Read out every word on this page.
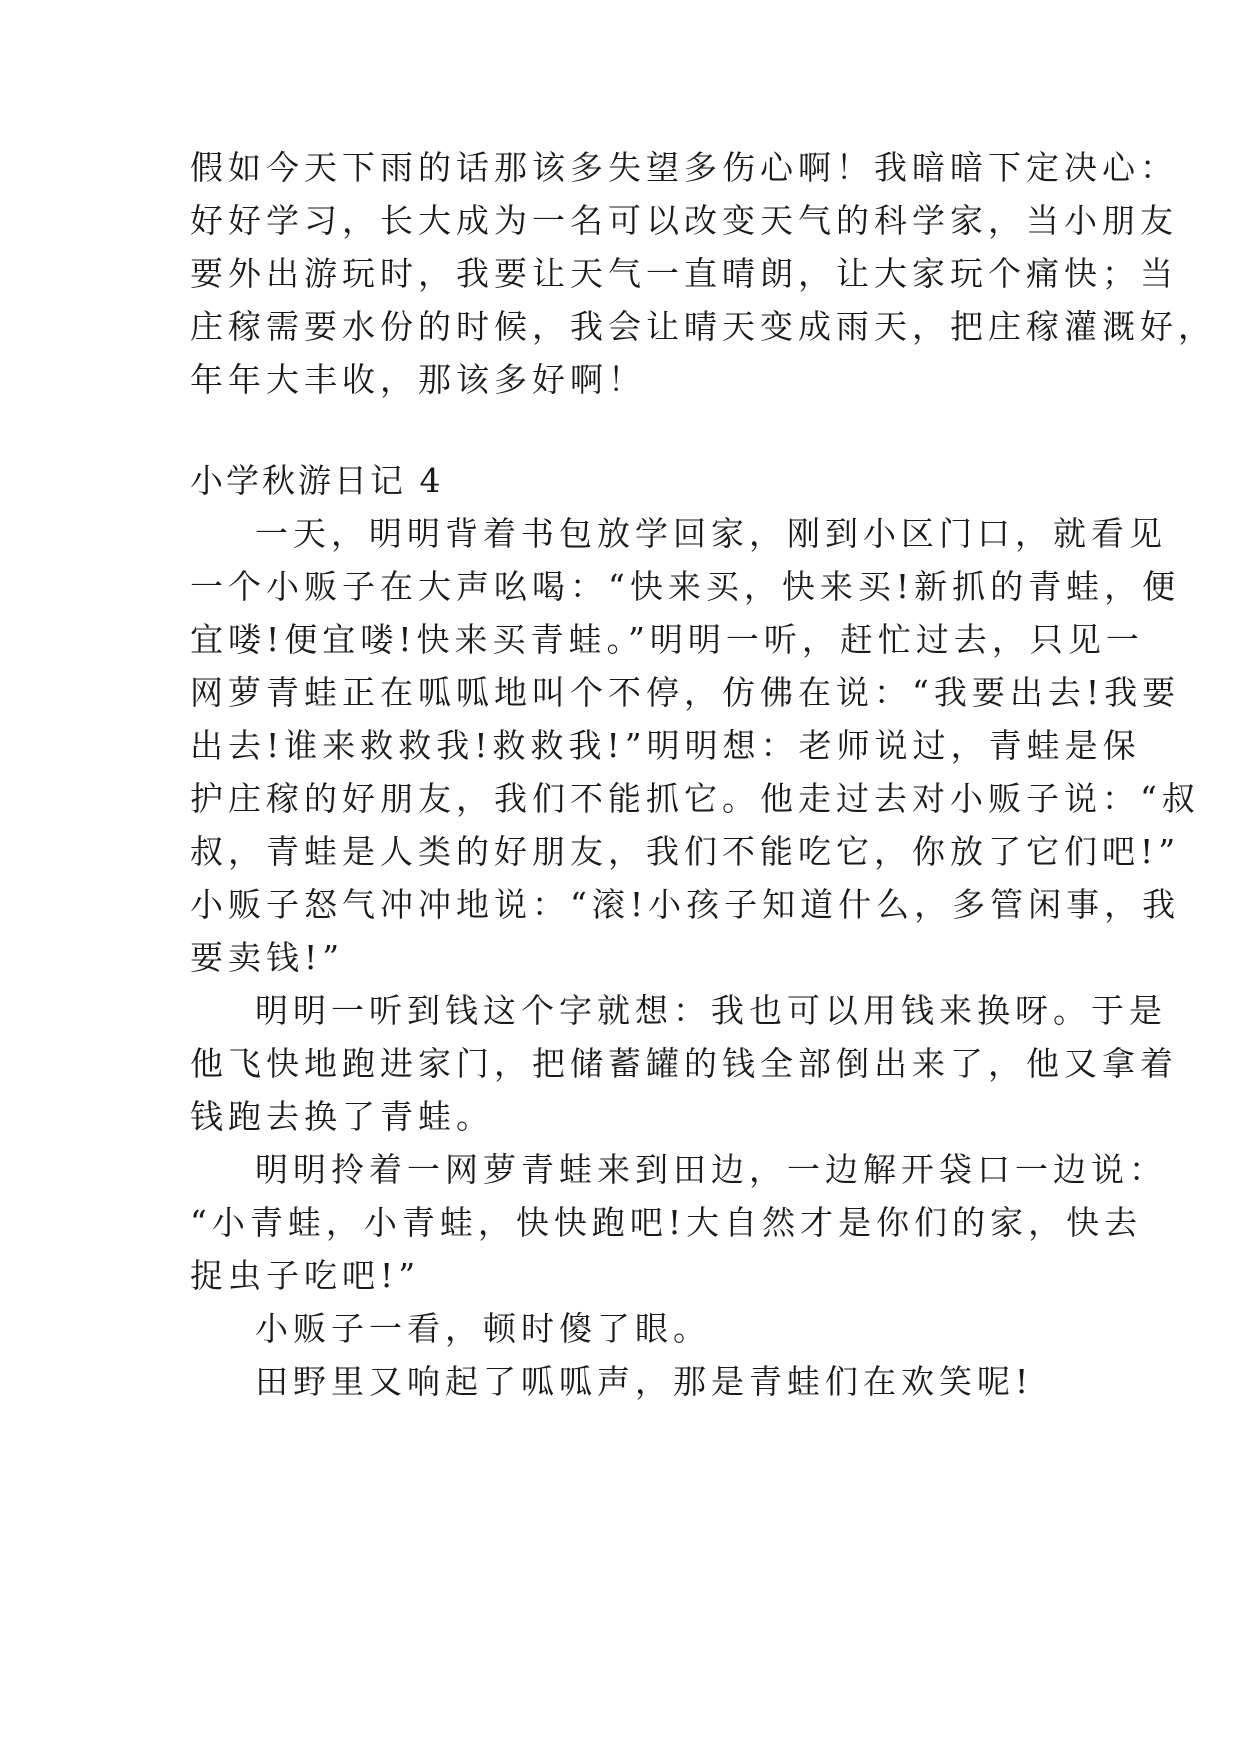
假如今天下雨的话那该多失望多伤心啊！我暗暗下定决心：
好好学习，长大成为一名可以改变天气的科学家，当小朋友
要外出游玩时，我要让天气一直晴朗，让大家玩个痛快；当
庄稼需要水份的时候，我会让晴天变成雨天，把庄稼灌溉好，
年年大丰收，那该多好啊！
小学秋游日记 4
一天，明明背着书包放学回家，刚到小区门口，就看见
一个小贩子在大声吆喝：“快来买，快来买!新抓的青蛙，便
宜喽!便宜喽!快来买青蛙。”明明一听，赶忙过去，只见一
网萝青蛙正在呱呱地叫个不停，仿佛在说：“我要出去!我要
出去!谁来救救我!救救我!”明明想：老师说过，青蛙是保
护庄稼的好朋友，我们不能抓它。他走过去对小贩子说：“叔
叔，青蛙是人类的好朋友，我们不能吃它，你放了它们吧!”
小贩子怒气冲冲地说：“滚!小孩子知道什么，多管闲事，我
要卖钱!”
明明一听到钱这个字就想：我也可以用钱来换呀。于是
他飞快地跑进家门，把储蓄罐的钱全部倒出来了，他又拿着
钱跑去换了青蛙。
明明拎着一网萝青蛙来到田边，一边解开袋口一边说：
“小青蛙，小青蛙，快快跑吧!大自然才是你们的家，快去
捉虫子吃吧!”
小贩子一看，顿时傻了眼。
田野里又响起了呱呱声，那是青蛙们在欢笑呢!
